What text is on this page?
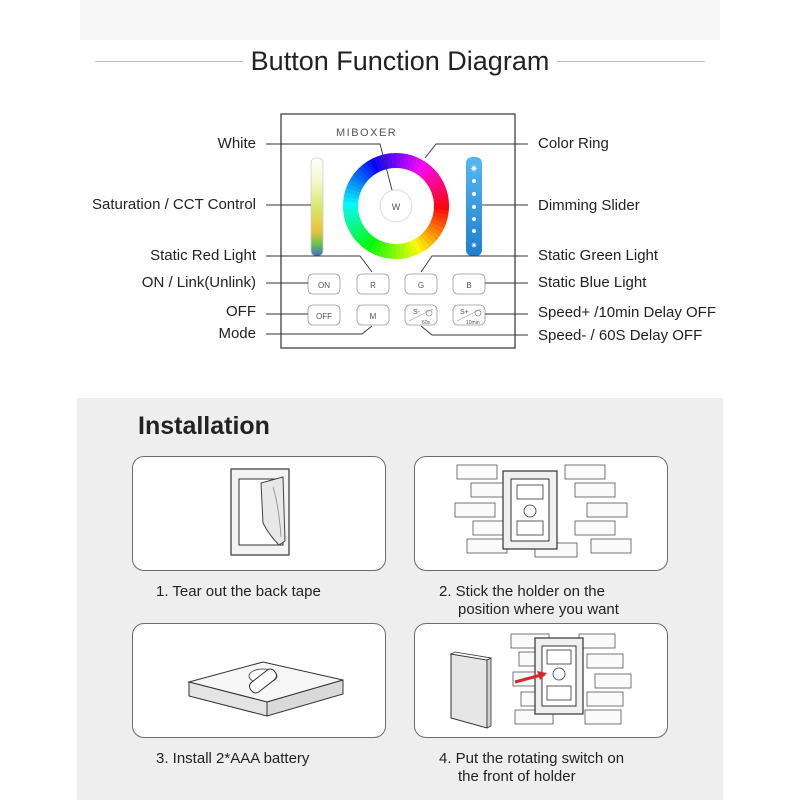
Button Function Diagram
MIBOXER
W
✷
✷
ON	R	G	B
OFF	M	S-
60s
S+
10min
White
Saturation / CCT Control
Static Red Light
ON / Link(Unlink)
OFF
Mode
Color Ring
Dimming Slider
Static Green Light
Static Blue Light
Speed+ /10min Delay OFF
Speed- / 60S Delay OFF
Installation
1. Tear out the back tape	2. Stick the holder on the
position where you want
3. Install 2*AAA battery	4. Put the rotating switch on
the front of holder
